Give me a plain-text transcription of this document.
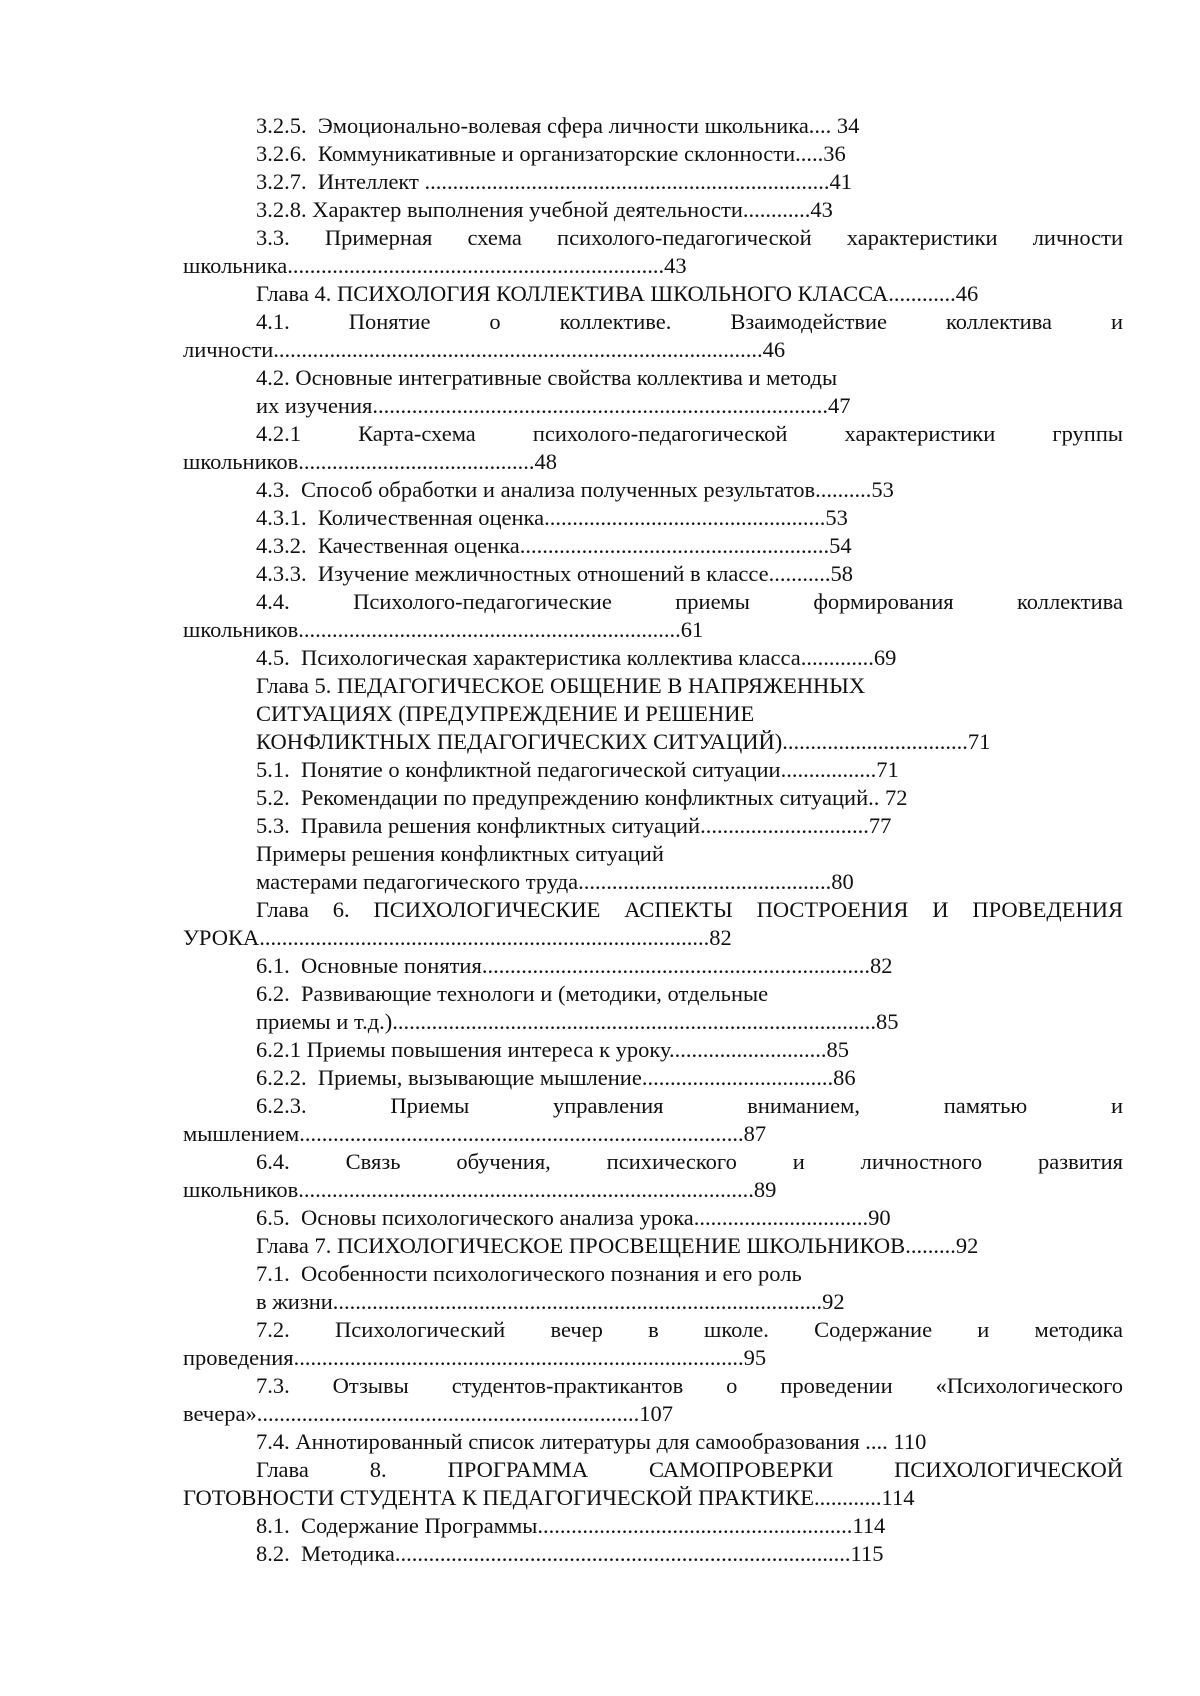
3.2.5.  Эмоционально-волевая сфера личности школьника.... 34
3.2.6.  Коммуникативные и организаторские склонности.....36
3.2.7.  Интеллект ........................................................................41
3.2.8. Характер выполнения учебной деятельности............43
3.3. Примерная схема психолого-педагогической характеристики личности
школьника...................................................................43
Глава 4. ПСИХОЛОГИЯ КОЛЛЕКТИВА ШКОЛЬНОГО КЛАССА............46
4.1. Понятие о коллективе. Взаимодействие коллектива и
личности.......................................................................................46
4.2. Основные интегративные свойства коллектива и методы
их изучения.................................................................................47
4.2.1 Карта-схема психолого-педагогической характеристики группы
школьников..........................................48
4.3.  Способ обработки и анализа полученных результатов..........53
4.3.1.  Количественная оценка..................................................53
4.3.2.  Качественная оценка.......................................................54
4.3.3.  Изучение межличностных отношений в классе...........58
4.4. Психолого-педагогические приемы формирования коллектива
школьников....................................................................61
4.5.  Психологическая характеристика коллектива класса.............69
Глава 5. ПЕДАГОГИЧЕСКОЕ ОБЩЕНИЕ В НАПРЯЖЕННЫХ
СИТУАЦИЯХ (ПРЕДУПРЕЖДЕНИЕ И РЕШЕНИЕ
КОНФЛИКТНЫХ ПЕДАГОГИЧЕСКИХ СИТУАЦИЙ).................................71
5.1.  Понятие о конфликтной педагогической ситуации.................71
5.2.  Рекомендации по предупреждению конфликтных ситуаций.. 72
5.3.  Правила решения конфликтных ситуаций..............................77
Примеры решения конфликтных ситуаций
мастерами педагогического труда.............................................80
Глава 6. ПСИХОЛОГИЧЕСКИЕ АСПЕКТЫ ПОСТРОЕНИЯ И ПРОВЕДЕНИЯ
УРОКА................................................................................82
6.1.  Основные понятия.....................................................................82
6.2.  Развивающие технологи и (методики, отдельные
приемы и т.д.)......................................................................................85
6.2.1 Приемы повышения интереса к уроку............................85
6.2.2.  Приемы, вызывающие мышление..................................86
6.2.3. Приемы управления вниманием, памятью и
мышлением...............................................................................87
6.4. Связь обучения, психического и личностного развития
школьников.................................................................................89
6.5.  Основы психологического анализа урока...............................90
Глава 7. ПСИХОЛОГИЧЕСКОЕ ПРОСВЕЩЕНИЕ ШКОЛЬНИКОВ.........92
7.1.  Особенности психологического познания и его роль
в жизни.......................................................................................92
7.2. Психологический вечер в школе. Содержание и методика
проведения................................................................................95
7.3. Отзывы студентов-практикантов о проведении «Психологического
вечера»....................................................................107
7.4. Аннотированный список литературы для самообразования .... 110
Глава 8. ПРОГРАММА САМОПРОВЕРКИ ПСИХОЛОГИЧЕСКОЙ
ГОТОВНОСТИ СТУДЕНТА К ПЕДАГОГИЧЕСКОЙ ПРАКТИКЕ............114
8.1.  Содержание Программы........................................................114
8.2.  Методика.................................................................................115
